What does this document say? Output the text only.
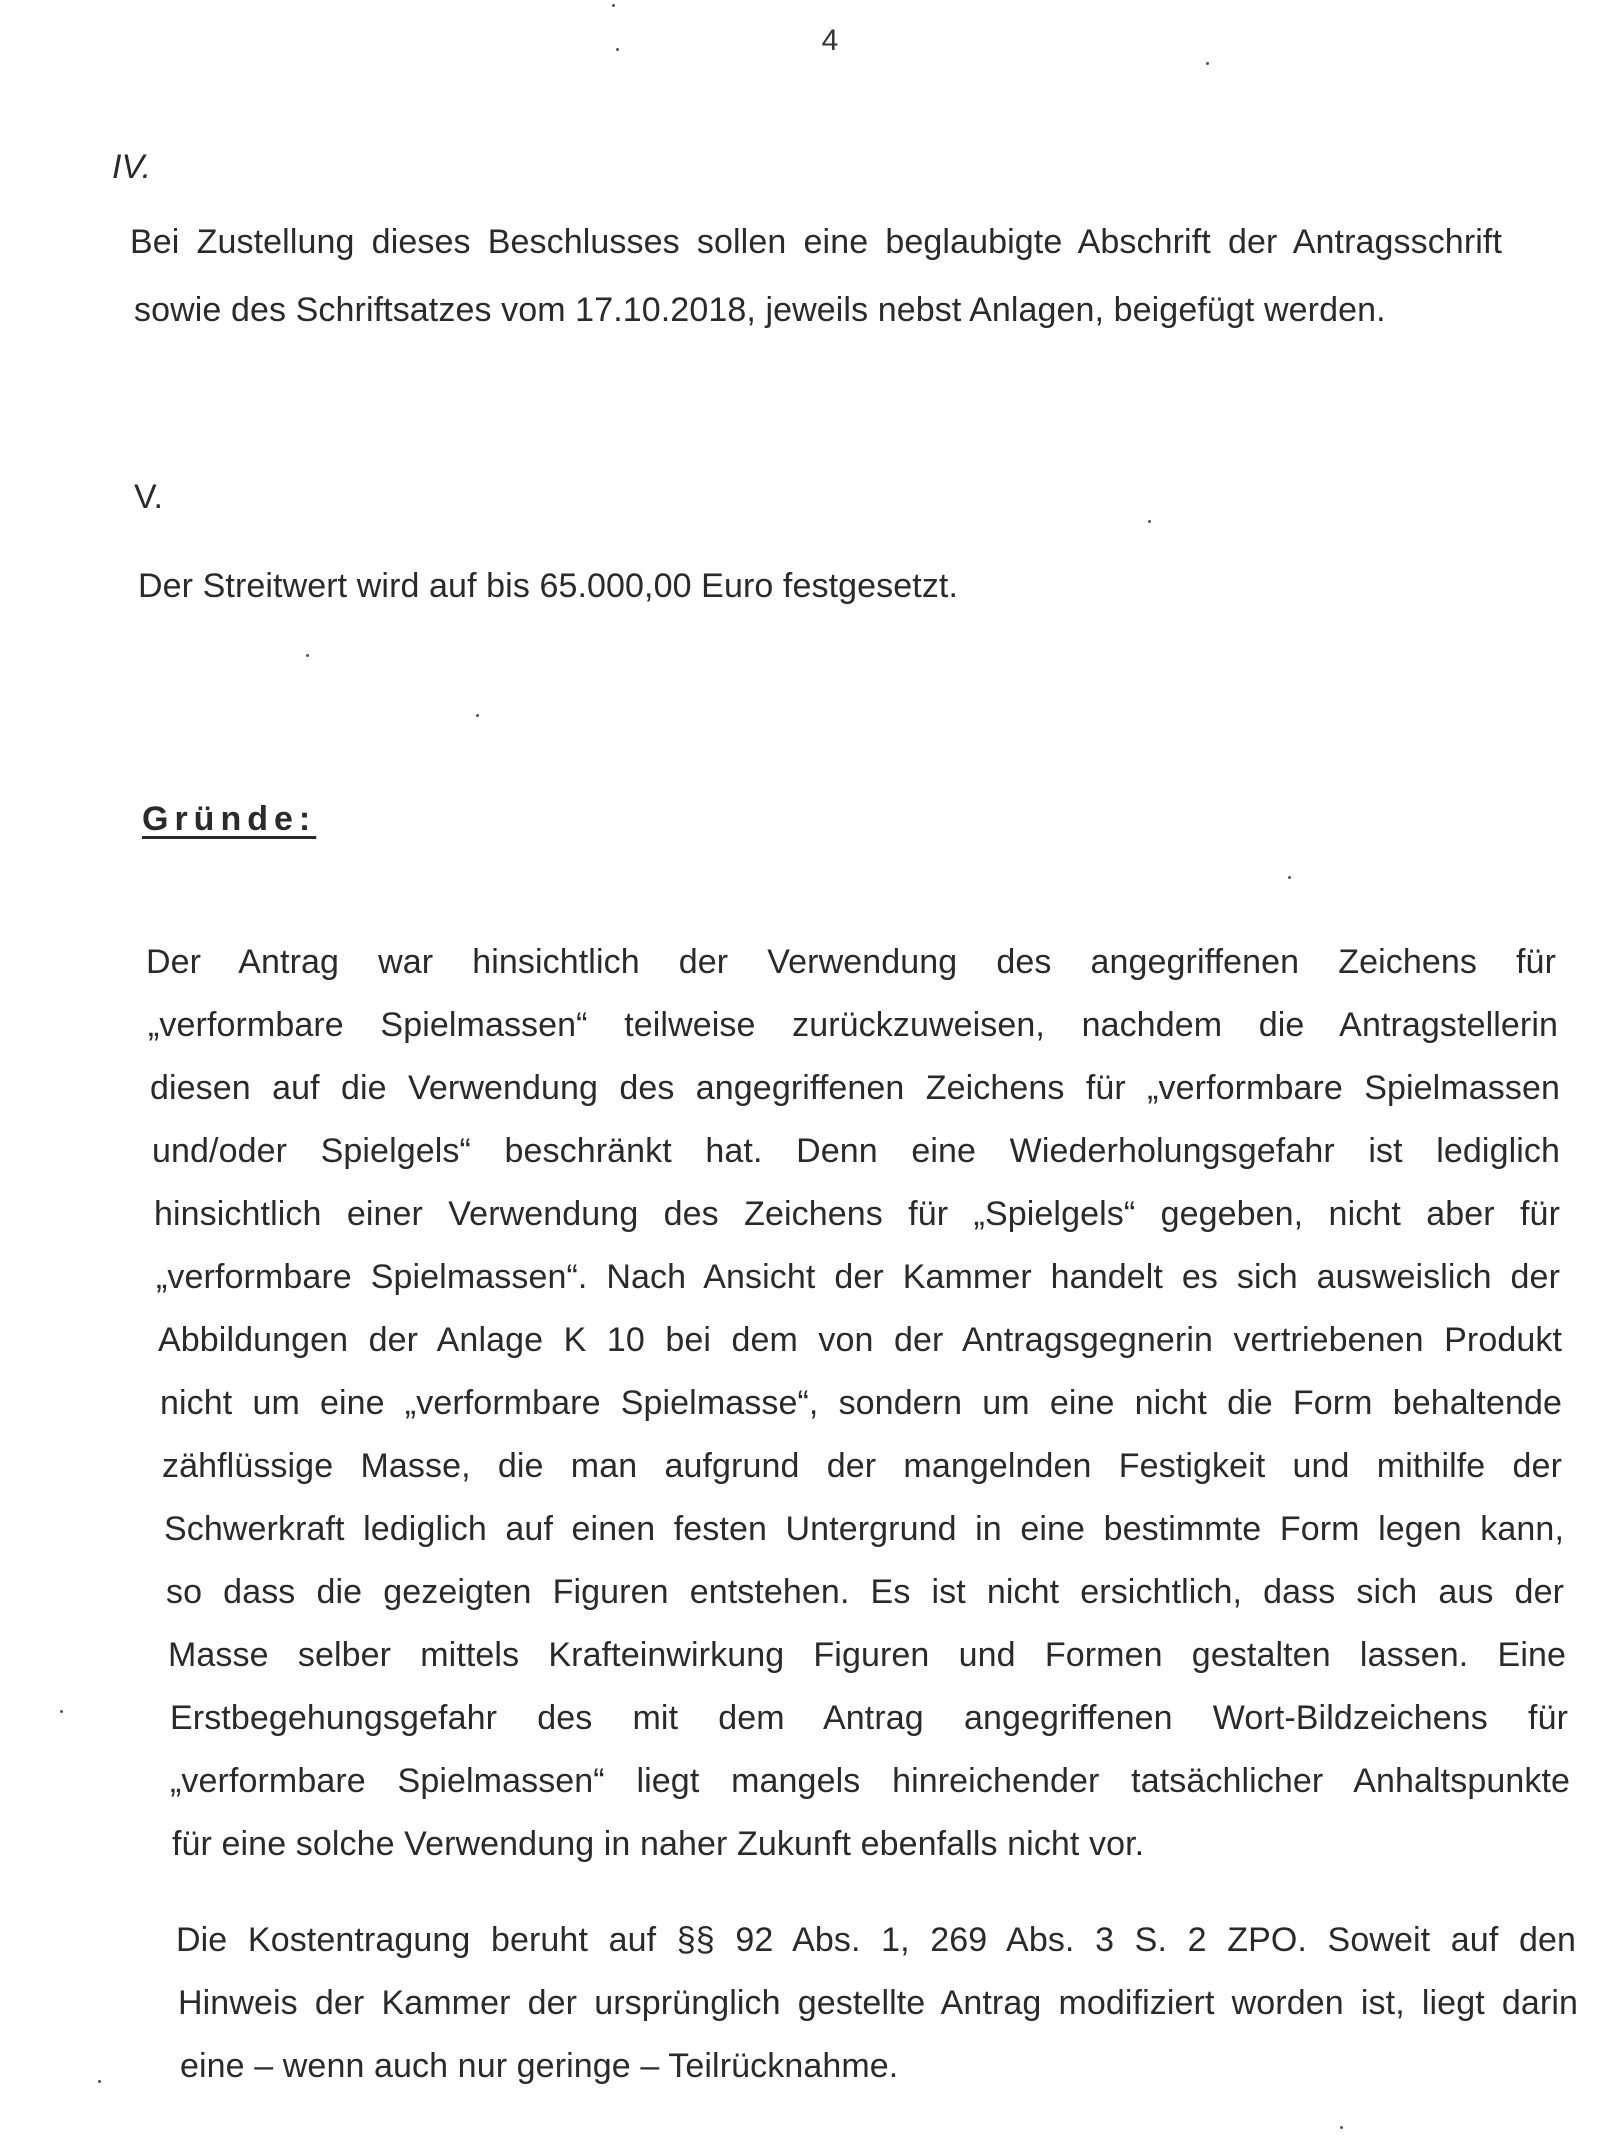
4
IV.
Bei Zustellung dieses Beschlusses sollen eine beglaubigte Abschrift der Antragsschrift
sowie des Schriftsatzes vom 17.10.2018, jeweils nebst Anlagen, beigefügt werden.
V.
Der Streitwert wird auf bis 65.000,00 Euro festgesetzt.
Gründe:
Der Antrag war hinsichtlich der Verwendung des angegriffenen Zeichens für
„verformbare Spielmassen“ teilweise zurückzuweisen, nachdem die Antragstellerin
diesen auf die Verwendung des angegriffenen Zeichens für „verformbare Spielmassen
und/oder Spielgels“ beschränkt hat. Denn eine Wiederholungsgefahr ist lediglich
hinsichtlich einer Verwendung des Zeichens für „Spielgels“ gegeben, nicht aber für
„verformbare Spielmassen“. Nach Ansicht der Kammer handelt es sich ausweislich der
Abbildungen der Anlage K 10 bei dem von der Antragsgegnerin vertriebenen Produkt
nicht um eine „verformbare Spielmasse“, sondern um eine nicht die Form behaltende
zähflüssige Masse, die man aufgrund der mangelnden Festigkeit und mithilfe der
Schwerkraft lediglich auf einen festen Untergrund in eine bestimmte Form legen kann,
so dass die gezeigten Figuren entstehen. Es ist nicht ersichtlich, dass sich aus der
Masse selber mittels Krafteinwirkung Figuren und Formen gestalten lassen. Eine
Erstbegehungsgefahr des mit dem Antrag angegriffenen Wort-Bildzeichens für
„verformbare Spielmassen“ liegt mangels hinreichender tatsächlicher Anhaltspunkte
für eine solche Verwendung in naher Zukunft ebenfalls nicht vor.
Die Kostentragung beruht auf §§ 92 Abs. 1, 269 Abs. 3 S. 2 ZPO. Soweit auf den
Hinweis der Kammer der ursprünglich gestellte Antrag modifiziert worden ist, liegt darin
eine – wenn auch nur geringe – Teilrücknahme.
